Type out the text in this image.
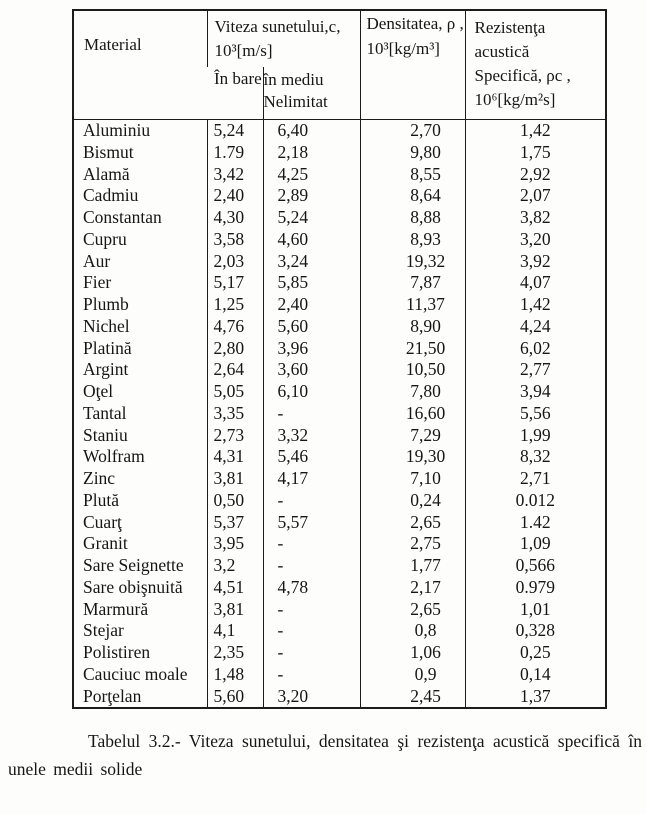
Material	
Viteza sunetului,c,
10³[m/s]

Densitatea, ρ ,
10³[kg/m³]

Rezistenţa
acustică
Specifică, ρc ,
10⁶[kg/m²s]

	În bare	în mediu
Nelimitat		

Aluminiu	5,24	6,40	2,70	1,42
Bismut	1.79	2,18	9,80	1,75
Alamă	3,42	4,25	8,55	2,92
Cadmiu	2,40	2,89	8,64	2,07
Constantan	4,30	5,24	8,88	3,82
Cupru	3,58	4,60	8,93	3,20
Aur	2,03	3,24	19,32	3,92
Fier	5,17	5,85	7,87	4,07
Plumb	1,25	2,40	11,37	1,42
Nichel	4,76	5,60	8,90	4,24
Platină	2,80	3,96	21,50	6,02
Argint	2,64	3,60	10,50	2,77
Oţel	5,05	6,10	7,80	3,94
Tantal	3,35	-	16,60	5,56
Staniu	2,73	3,32	7,29	1,99
Wolfram	4,31	5,46	19,30	8,32
Zinc	3,81	4,17	7,10	2,71
Plută	0,50	-	0,24	0.012
Cuarţ	5,37	5,57	2,65	1.42
Granit	3,95	-	2,75	1,09
Sare Seignette	3,2	-	1,77	0,566
Sare obişnuită	4,51	4,78	2,17	0.979
Marmură	3,81	-	2,65	1,01
Stejar	4,1	-	0,8	0,328
Polistiren	2,35	-	1,06	0,25
Cauciuc moale	1,48	-	0,9	0,14
Porţelan	5,60	3,20	2,45	1,37

Tabelul 3.2.- Viteza sunetului, densitatea şi rezistenţa acustică specifică în unele medii solide
